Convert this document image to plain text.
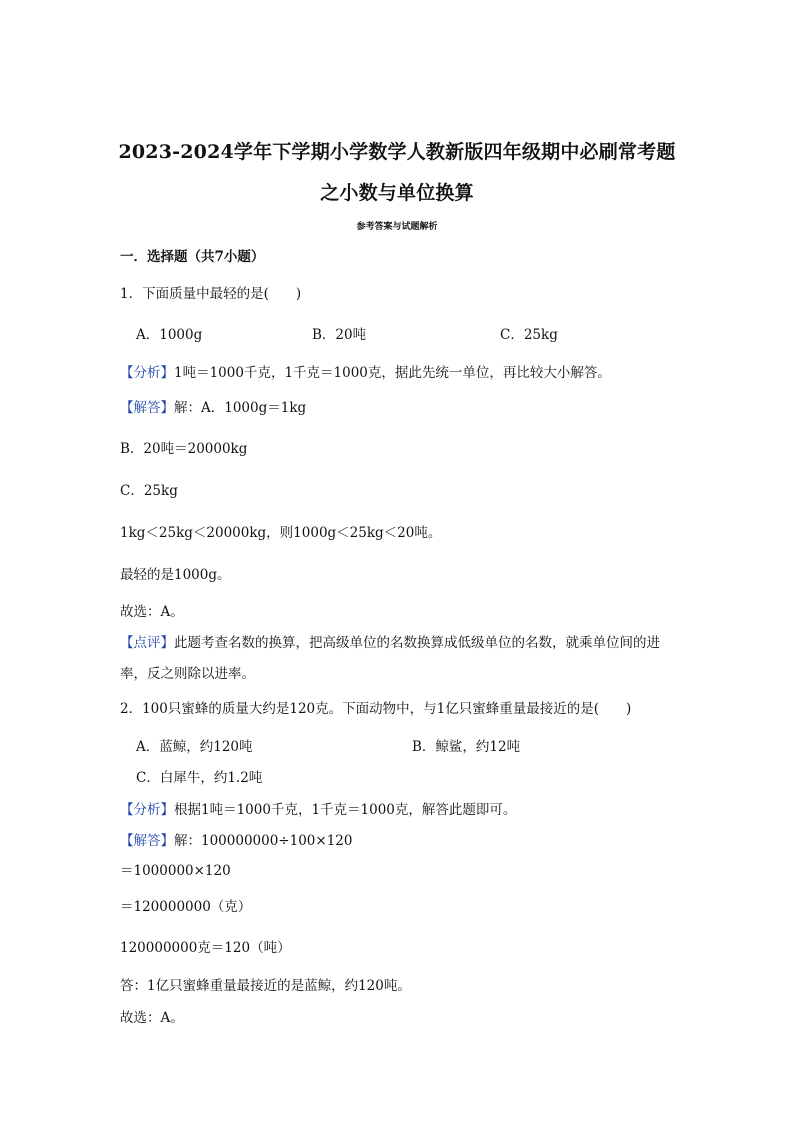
2023-2024学年下学期小学数学人教新版四年级期中必刷常考题
之小数与单位换算
参考答案与试题解析
一．选择题（共7小题）
1．下面质量中最轻的是(　　)
A．1000g	B．20吨	C．25kg
【分析】1吨＝1000千克，1千克＝1000克，据此先统一单位，再比较大小解答。
【解答】解：A．1000g＝1kg
B．20吨＝20000kg
C．25kg
1kg＜25kg＜20000kg，则1000g＜25kg＜20吨。
最轻的是1000g。
故选：A。
【点评】此题考查名数的换算，把高级单位的名数换算成低级单位的名数，就乘单位间的进
率，反之则除以进率。
2．100只蜜蜂的质量大约是120克。下面动物中，与1亿只蜜蜂重量最接近的是(　　)
A．蓝鲸，约120吨	B．鲸鲨，约12吨
C．白犀牛，约1.2吨
【分析】根据1吨＝1000千克，1千克＝1000克，解答此题即可。
【解答】解：100000000÷100×120
＝1000000×120
＝120000000（克）
120000000克＝120（吨）
答：1亿只蜜蜂重量最接近的是蓝鲸，约120吨。
故选：A。
